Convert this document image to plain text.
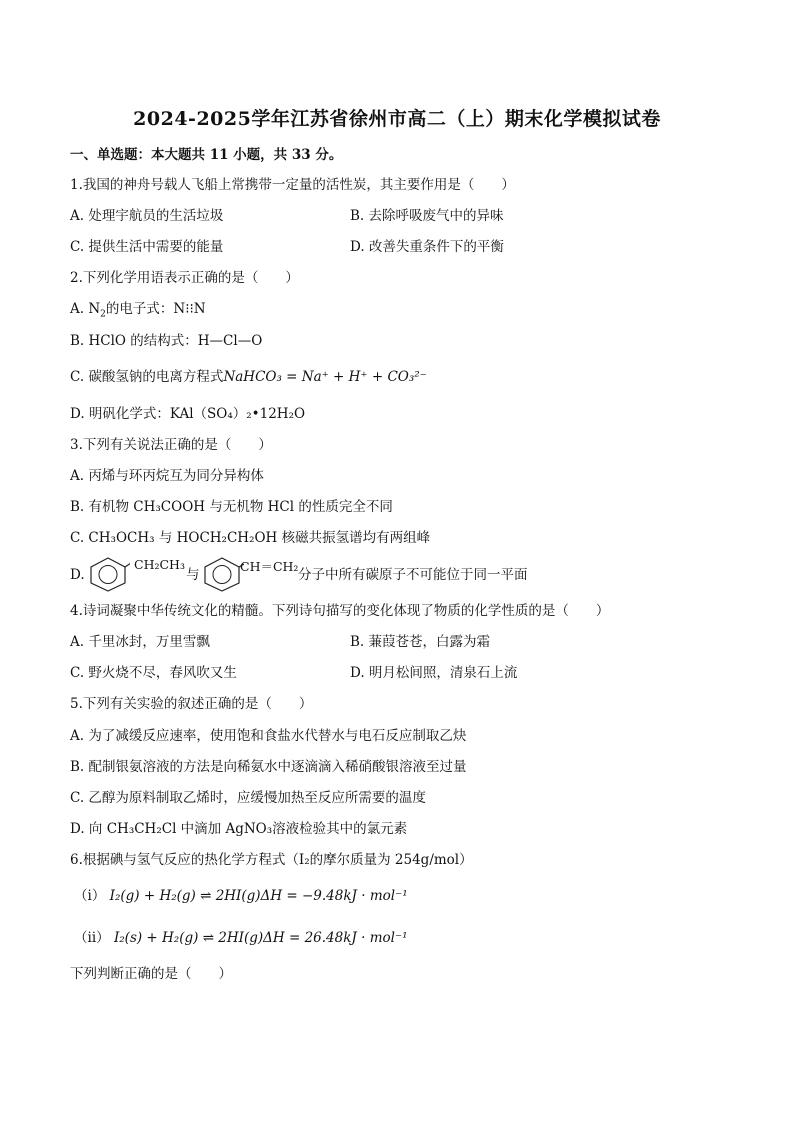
2024-2025学年江苏省徐州市高二（上）期末化学模拟试卷
一、单选题：本大题共 11 小题，共 33 分。
1.我国的神舟号载人飞船上常携带一定量的活性炭，其主要作用是（　　）
A. 处理宇航员的生活垃圾	B. 去除呼吸废气中的异味
C. 提供生活中需要的能量	D. 改善失重条件下的平衡
2.下列化学用语表示正确的是（　　）
A. $N_2$的电子式：N⁝⁝N
B. HClO 的结构式：H—Cl—O
C. 碳酸氢钠的电离方程式NaHCO₃ = Na⁺ + H⁺ + CO₃²⁻
D. 明矾化学式：KAl（SO₄）₂•12H₂O
3.下列有关说法正确的是（　　）
A. 丙烯与环丙烷互为同分异构体
B. 有机物 CH₃COOH 与无机物 HCl 的性质完全不同
C. CH₃OCH₃ 与 HOCH₂CH₂OH 核磁共振氢谱均有两组峰
D.
CH₂CH₃
与
CH＝CH₂
分子中所有碳原子不可能位于同一平面
4.诗词凝聚中华传统文化的精髓。下列诗句描写的变化体现了物质的化学性质的是（　　）
A. 千里冰封，万里雪飘	B. 蒹葭苍苍，白露为霜
C. 野火烧不尽，春风吹又生	D. 明月松间照，清泉石上流
5.下列有关实验的叙述正确的是（　　）
A. 为了减缓反应速率，使用饱和食盐水代替水与电石反应制取乙炔
B. 配制银氨溶液的方法是向稀氨水中逐滴滴入稀硝酸银溶液至过量
C. 乙醇为原料制取乙烯时，应缓慢加热至反应所需要的温度
D. 向 CH₃CH₂Cl 中滴加 AgNO₃溶液检验其中的氯元素
6.根据碘与氢气反应的热化学方程式（I₂的摩尔质量为 254g/mol）
（ⅰ） I₂(g) + H₂(g) ⇌ 2HI(g)ΔH = −9.48kJ · mol⁻¹
（ⅱ） I₂(s) + H₂(g) ⇌ 2HI(g)ΔH = 26.48kJ · mol⁻¹
下列判断正确的是（　　）
